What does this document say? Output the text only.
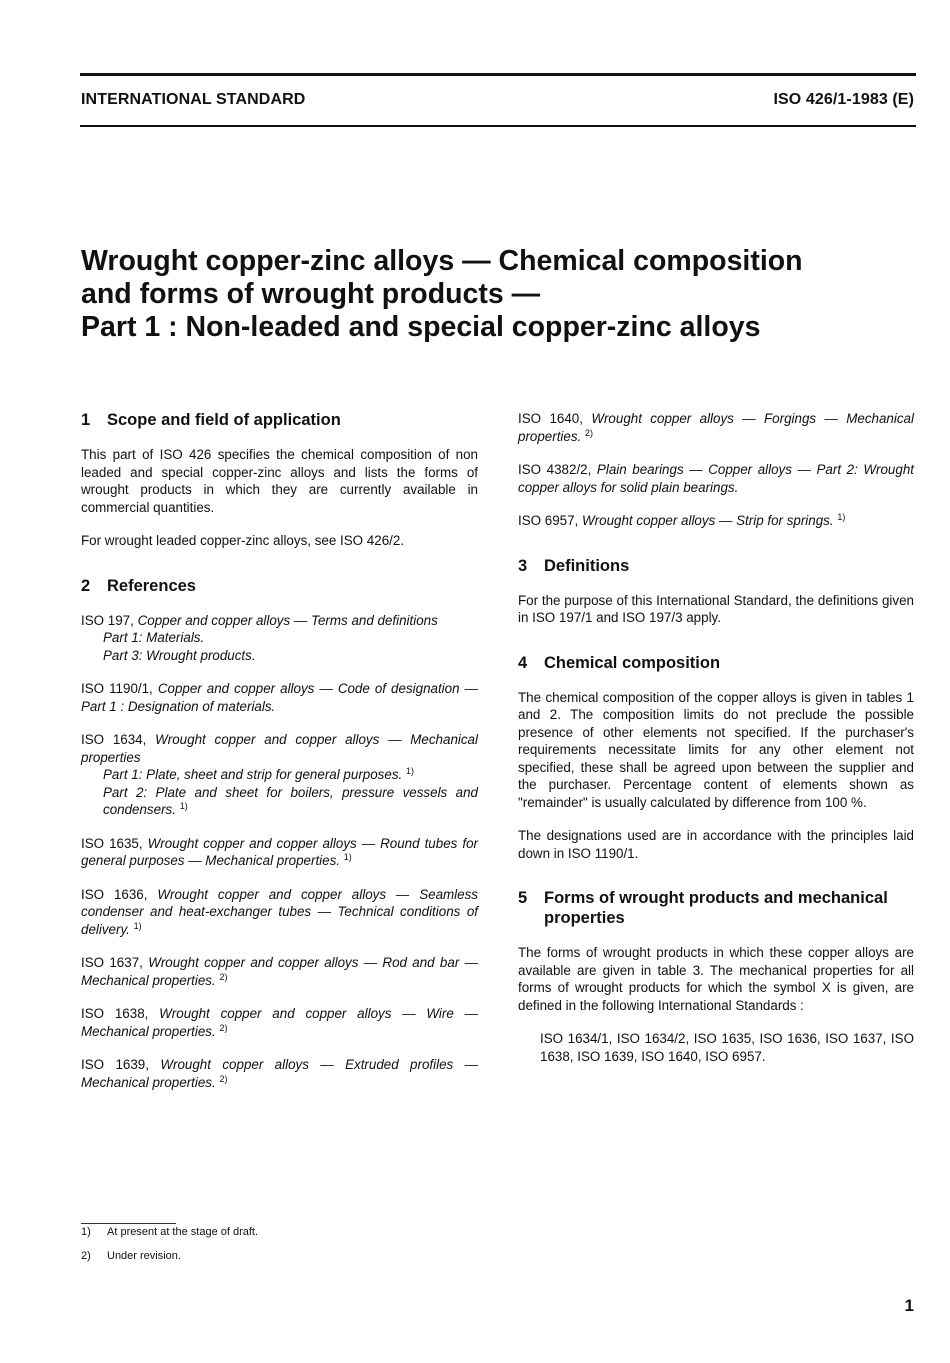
INTERNATIONAL STANDARD	ISO 426/1-1983 (E)
Wrought copper-zinc alloys — Chemical composition
and forms of wrought products —
Part 1 : Non-leaded and special copper-zinc alloys
1	Scope and field of application

This part of ISO 426 specifies the chemical composition of non leaded and special copper-zinc alloys and lists the forms of wrought products in which they are currently available in commercial quantities.

For wrought leaded copper-zinc alloys, see ISO 426/2.

2	References

ISO 197, Copper and copper alloys — Terms and definitions
Part 1: Materials.
Part 3: Wrought products.

ISO 1190/1, Copper and copper alloys — Code of designation — Part 1 : Designation of materials.

ISO 1634, Wrought copper and copper alloys — Mechanical properties

Part 1: Plate, sheet and strip for general purposes. $^{1)}$
Part 2: Plate and sheet for boilers, pressure vessels and condensers. $^{1)}$

ISO 1635, Wrought copper and copper alloys — Round tubes for general purposes — Mechanical properties. $^{1)}$

ISO 1636, Wrought copper and copper alloys — Seamless condenser and heat-exchanger tubes — Technical conditions of delivery. $^{1)}$

ISO 1637, Wrought copper and copper alloys — Rod and bar — Mechanical properties. $^{2)}$

ISO 1638, Wrought copper and copper alloys — Wire — Mechanical properties. $^{2)}$

ISO 1639, Wrought copper alloys — Extruded profiles — Mechanical properties. $^{2)}$

ISO 1640, Wrought copper alloys — Forgings — Mechanical properties. $^{2)}$

ISO 4382/2, Plain bearings — Copper alloys — Part 2: Wrought copper alloys for solid plain bearings.

ISO 6957, Wrought copper alloys — Strip for springs. $^{1)}$

3	Definitions

For the purpose of this International Standard, the definitions given in ISO 197/1 and ISO 197/3 apply.

4	Chemical composition

The chemical composition of the copper alloys is given in tables 1 and 2. The composition limits do not preclude the possible presence of other elements not specified. If the purchaser's requirements necessitate limits for any other element not specified, these shall be agreed upon between the supplier and the purchaser. Percentage content of elements shown as "remainder" is usually calculated by difference from 100 %.

The designations used are in accordance with the principles laid down in ISO 1190/1.

5	Forms of wrought products and mechanical properties

The forms of wrought products in which these copper alloys are available are given in table 3. The mechanical properties for all forms of wrought products for which the symbol X is given, are defined in the following International Standards :

ISO 1634/1, ISO 1634/2, ISO 1635, ISO 1636, ISO 1637, ISO 1638, ISO 1639, ISO 1640, ISO 6957.

1)	At present at the stage of draft.
2)	Under revision.
1
